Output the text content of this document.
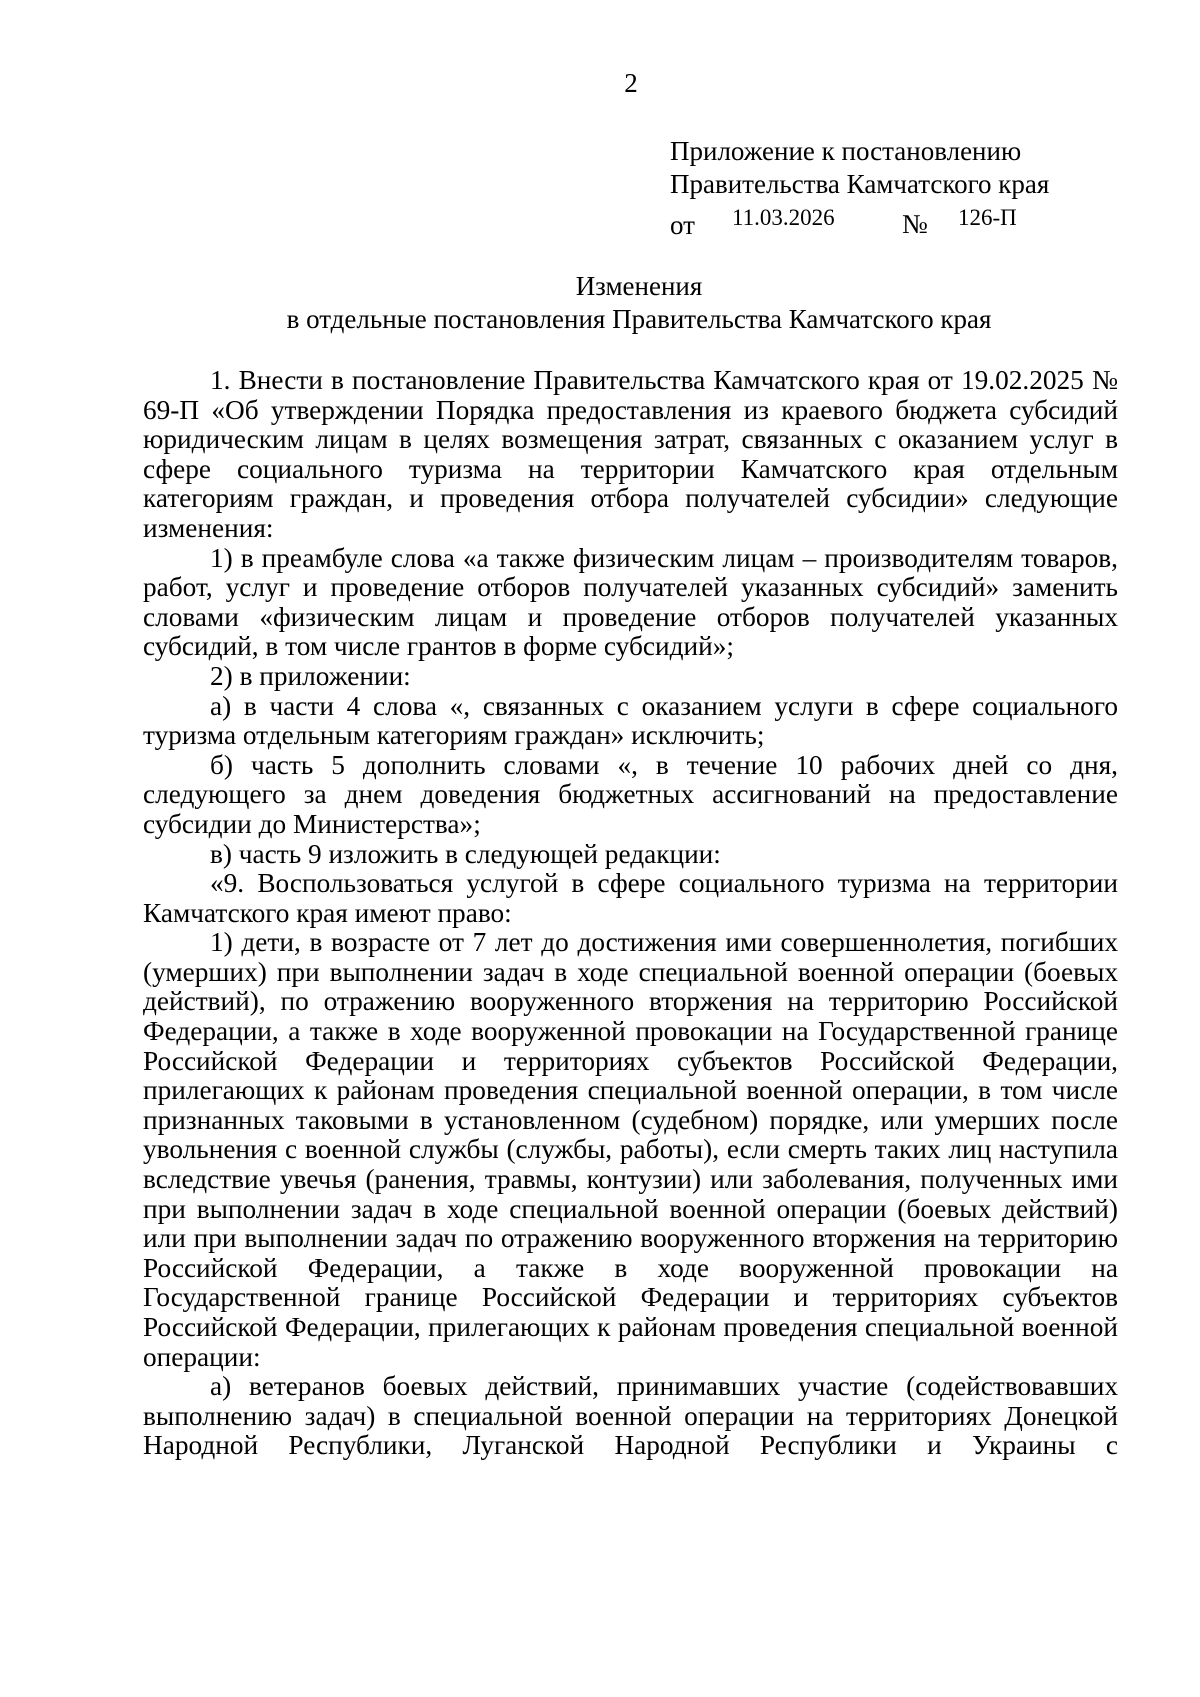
2
Приложение к постановлению
Правительства Камчатского края
от 11.03.2026 № 126-П
Изменения
в отдельные постановления Правительства Камчатского края

1. Внести в постановление Правительства Камчатского края от 19.02.2025 № 69-П «Об утверждении Порядка предоставления из краевого бюджета субсидий юридическим лицам в целях возмещения затрат, связанных с оказанием услуг в сфере социального туризма на территории Камчатского края отдельным категориям граждан, и проведения отбора получателей субсидии» следующие изменения:

1) в преамбуле слова «а также физическим лицам – производителям товаров, работ, услуг и проведение отборов получателей указанных субсидий» заменить словами «физическим лицам и проведение отборов получателей указанных субсидий, в том числе грантов в форме субсидий»;

2) в приложении:

а) в части 4 слова «, связанных с оказанием услуги в сфере социального туризма отдельным категориям граждан» исключить;

б) часть 5 дополнить словами «, в течение 10 рабочих дней со дня, следующего за днем доведения бюджетных ассигнований на предоставление субсидии до Министерства»;

в) часть 9 изложить в следующей редакции:

«9. Воспользоваться услугой в сфере социального туризма на территории Камчатского края имеют право:

1) дети, в возрасте от 7 лет до достижения ими совершеннолетия, погибших (умерших) при выполнении задач в ходе специальной военной операции (боевых действий), по отражению вооруженного вторжения на территорию Российской Федерации, а также в ходе вооруженной провокации на Государственной границе Российской Федерации и территориях субъектов Российской Федерации, прилегающих к районам проведения специальной военной операции, в том числе признанных таковыми в установленном (судебном) порядке, или умерших после увольнения с военной службы (службы, работы), если смерть таких лиц наступила вследствие увечья (ранения, травмы, контузии) или заболевания, полученных ими при выполнении задач в ходе специальной военной операции (боевых действий) или при выполнении задач по отражению вооруженного вторжения на территорию Российской Федерации, а также в ходе вооруженной провокации на Государственной границе Российской Федерации и территориях субъектов Российской Федерации, прилегающих к районам проведения специальной военной операции:

а) ветеранов боевых действий, принимавших участие (содействовавших выполнению задач) в специальной военной операции на территориях Донецкой Народной Республики, Луганской Народной Республики и Украины с
